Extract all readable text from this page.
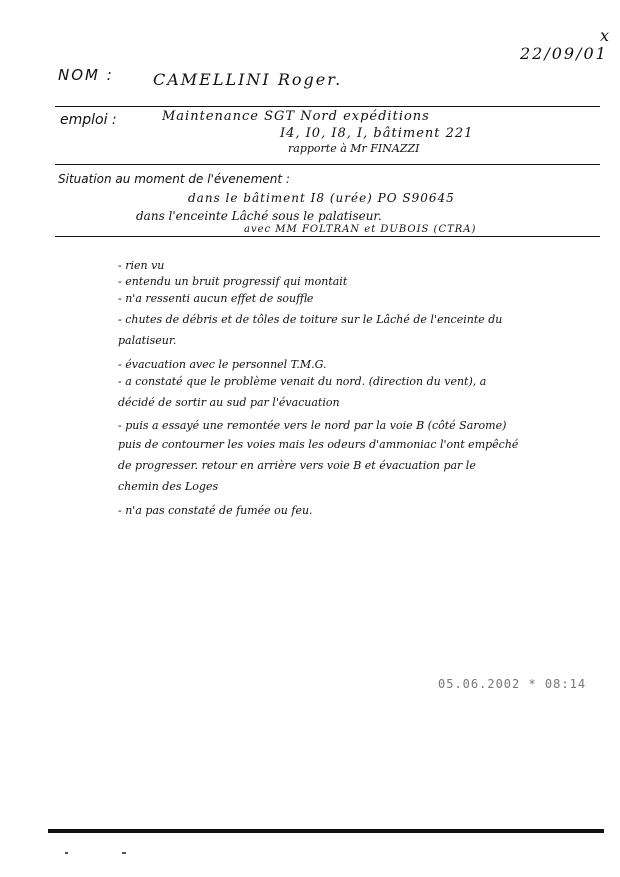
x
22/09/01
NOM : CAMELLINI Roger.
emploi :	Maintenance SGT Nord expéditions
I4, I0, I8, I, bâtiment 221
rapporte à Mr FINAZZI
Situation au moment de l'évenement :
dans le bâtiment I8 (urée) PO S90645
dans l'enceinte Lâché sous le palatiseur.
avec MM FOLTRAN et DUBOIS (CTRA)
- rien vu
- entendu un bruit progressif qui montait
- n'a ressenti aucun effet de souffle
- chutes de débris et de tôles de toiture sur le Lâché de l'enceinte du
palatiseur.
- évacuation avec le personnel T.M.G.
- a constaté que le problème venait du nord. (direction du vent), a
décidé de sortir au sud par l'évacuation
- puis a essayé une remontée vers le nord par la voie B (côté Sarome)
puis de contourner les voies mais les odeurs d'ammoniac l'ont empêché
de progresser. retour en arrière vers voie B et évacuation par le
chemin des Loges
- n'a pas constaté de fumée ou feu.
05.06.2002 * 08:14
